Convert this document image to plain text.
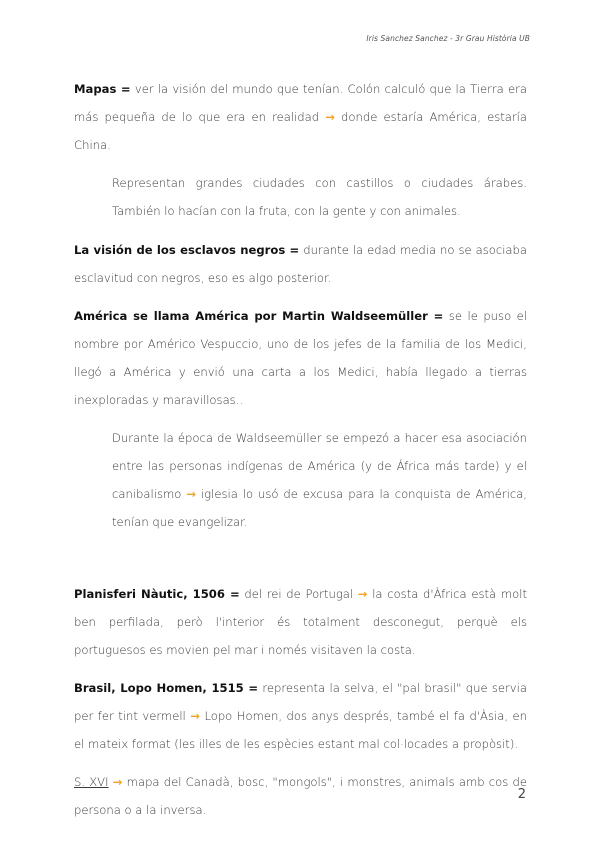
Iris Sanchez Sanchez - 3r Grau Història UB

Mapas = ver la visión del mundo que tenían. Colón calculó que la Tierra era más pequeña de lo que era en realidad → donde estaría América, estaría China.

Representan grandes ciudades con castillos o ciudades árabes. También lo hacían con la fruta, con la gente y con animales.

La visión de los esclavos negros = durante la edad media no se asociaba esclavitud con negros, eso es algo posterior.

América se llama América por Martin Waldseemüller = se le puso el nombre por Américo Vespuccio, uno de los jefes de la familia de los Medici, llegó a América y envió una carta a los Medici, había llegado a tierras inexploradas y maravillosas..

Durante la época de Waldseemüller se empezó a hacer esa asociación entre las personas indígenas de América (y de África más tarde) y el canibalismo → iglesia lo usó de excusa para la conquista de América, tenían que evangelizar.

Planisferi Nàutic, 1506 = del rei de Portugal → la costa d'Àfrica està molt ben perfilada, però l'interior és totalment desconegut, perquè els portuguesos es movien pel mar i només visitaven la costa.

Brasil, Lopo Homen, 1515 = representa la selva, el "pal brasil" que servia per fer tint vermell → Lopo Homen, dos anys després, també el fa d'Àsia, en el mateix format (les illes de les espècies estant mal col·locades a propòsit).

S. XVI → mapa del Canadà, bosc, "mongols", i monstres, animals amb cos de persona o a la inversa.

2
